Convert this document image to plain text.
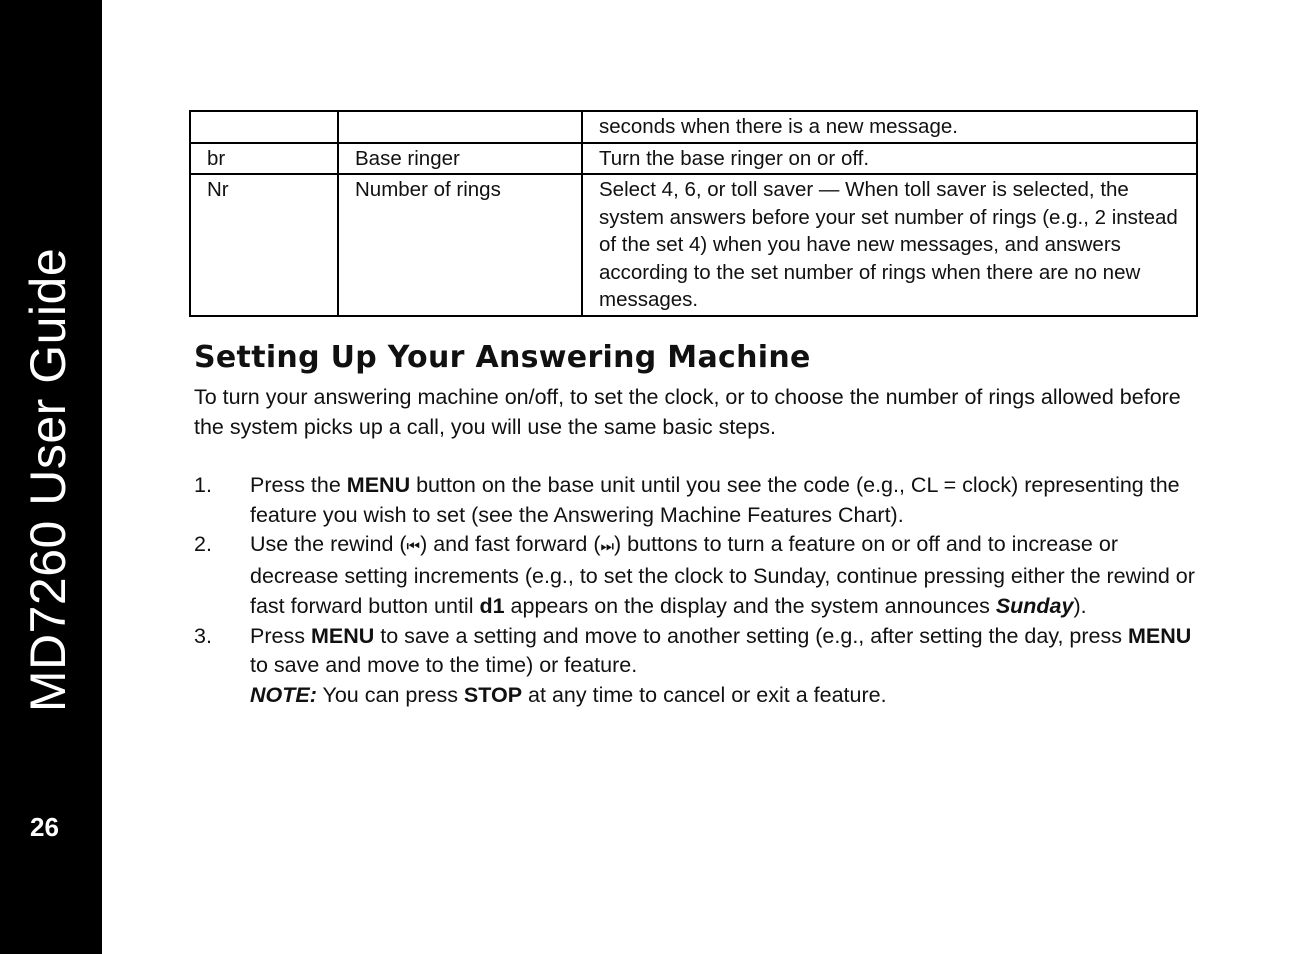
MD7260 User Guide
26
		seconds when there is a new message.
br	Base ringer	Turn the base ringer on or off.
Nr	Number of rings	Select 4, 6, or toll saver — When toll saver is selected, the system answers before your set number of rings (e.g., 2 instead of the set 4) when you have new messages, and answers according to the set number of rings when there are no new messages.
Setting Up Your Answering Machine

To turn your answering machine on/off, to set the clock, or to choose the number of rings allowed before the system picks up a call, you will use the same basic steps.

1. Press the MENU button on the base unit until you see the code (e.g., CL = clock) representing the feature you wish to set (see the Answering Machine Features Chart).
2. Use the rewind (⏮) and fast forward (⏭) buttons to turn a feature on or off and to increase or decrease setting increments (e.g., to set the clock to Sunday, continue pressing either the rewind or fast forward button until d1 appears on the display and the system announces Sunday).
3. Press MENU to save a setting and move to another setting (e.g., after setting the day, press MENU to save and move to the time) or feature.
NOTE: You can press STOP at any time to cancel or exit a feature.
